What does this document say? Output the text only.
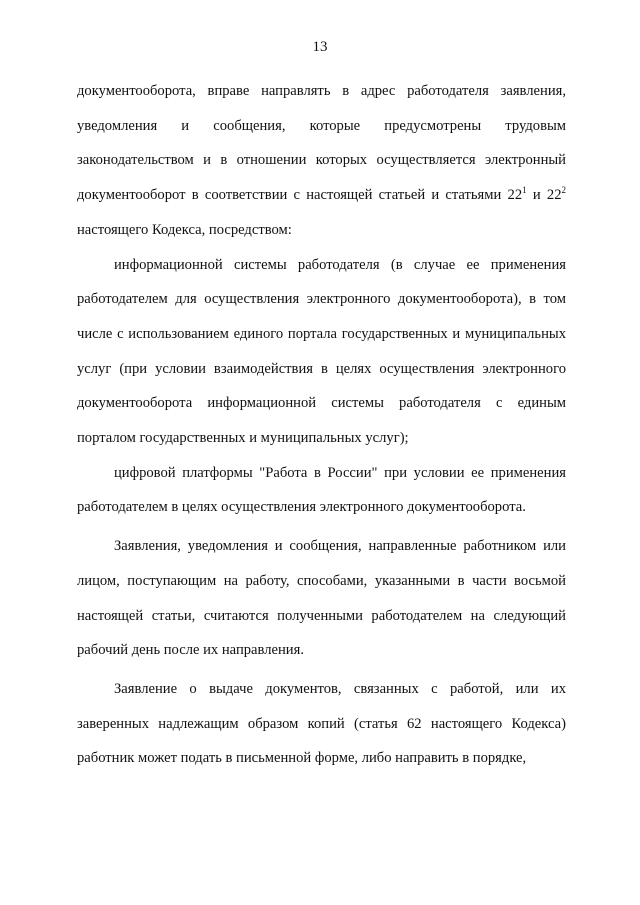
13

документооборота, вправе направлять в адрес работодателя заявления, уведомления и сообщения, которые предусмотрены трудовым законодательством и в отношении которых осуществляется электронный документооборот в соответствии с настоящей статьей и статьями $22^1$ и $22^2$ настоящего Кодекса, посредством:

информационной системы работодателя (в случае ее применения работодателем для осуществления электронного документооборота), в том числе с использованием единого портала государственных и муниципальных услуг (при условии взаимодействия в целях осуществления электронного документооборота информационной системы работодателя с единым порталом государственных и муниципальных услуг);

цифровой платформы "Работа в России" при условии ее применения работодателем в целях осуществления электронного документооборота.

Заявления, уведомления и сообщения, направленные работником или лицом, поступающим на работу, способами, указанными в части восьмой настоящей статьи, считаются полученными работодателем на следующий рабочий день после их направления.

Заявление о выдаче документов, связанных с работой, или их заверенных надлежащим образом копий (статья 62 настоящего Кодекса) работник может подать в письменной форме, либо направить в порядке,
